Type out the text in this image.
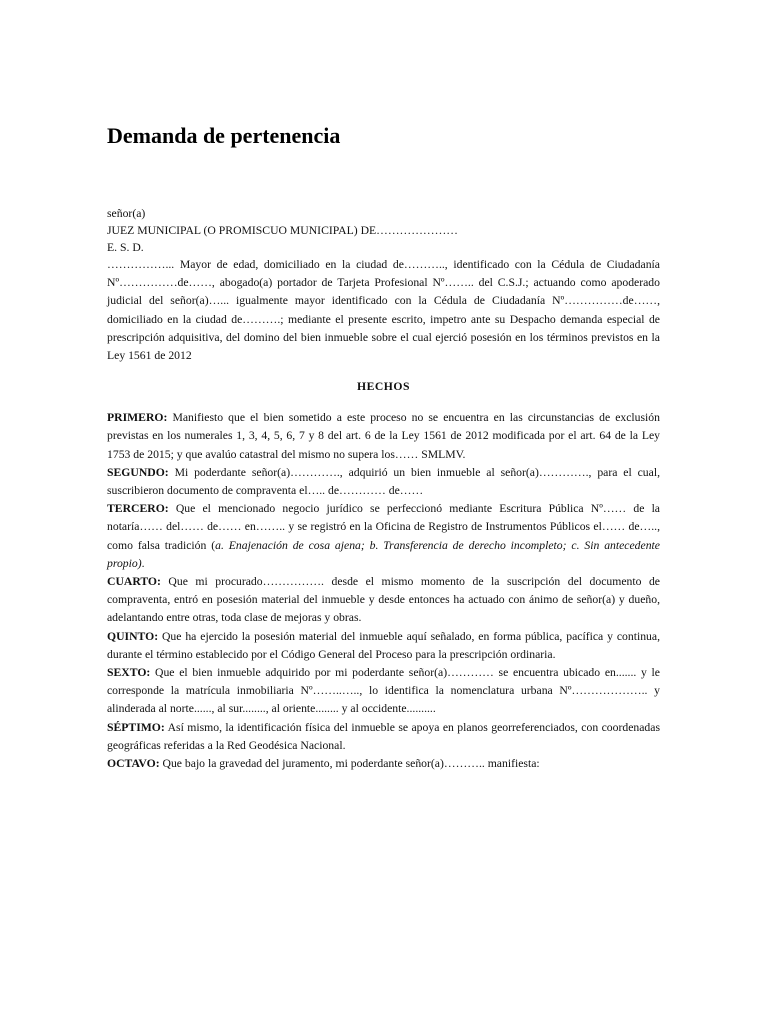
Demanda de pertenencia
señor(a)
JUEZ MUNICIPAL (O PROMISCUO MUNICIPAL) DE…………………
E. S. D.

……………... Mayor de edad, domiciliado en la ciudad de……….., identificado con la Cédula de Ciudadanía Nº……………de……, abogado(a) portador de Tarjeta Profesional Nº…….. del C.S.J.; actuando como apoderado judicial del señor(a)…... igualmente mayor identificado con la Cédula de Ciudadanía Nº……………de……, domiciliado en la ciudad de……….; mediante el presente escrito, impetro ante su Despacho demanda especial de prescripción adquisitiva, del domino del bien inmueble sobre el cual ejerció posesión en los términos previstos en la Ley 1561 de 2012

HECHOS

PRIMERO: Manifiesto que el bien sometido a este proceso no se encuentra en las circunstancias de exclusión previstas en los numerales 1, 3, 4, 5, 6, 7 y 8 del art. 6 de la Ley 1561 de 2012 modificada por el art. 64 de la Ley 1753 de 2015; y que avalúo catastral del mismo no supera los…… SMLMV.

SEGUNDO: Mi poderdante señor(a)…………., adquirió un bien inmueble al señor(a)…………., para el cual, suscribieron documento de compraventa el….. de………… de……

TERCERO: Que el mencionado negocio jurídico se perfeccionó mediante Escritura Pública Nº…… de la notaría…… del…… de…… en…….. y se registró en la Oficina de Registro de Instrumentos Públicos el…… de….., como falsa tradición (a. Enajenación de cosa ajena; b. Transferencia de derecho incompleto; c. Sin antecedente propio).

CUARTO: Que mi procurado……………. desde el mismo momento de la suscripción del documento de compraventa, entró en posesión material del inmueble y desde entonces ha actuado con ánimo de señor(a) y dueño, adelantando entre otras, toda clase de mejoras y obras.

QUINTO: Que ha ejercido la posesión material del inmueble aquí señalado, en forma pública, pacífica y continua, durante el término establecido por el Código General del Proceso para la prescripción ordinaria.

SEXTO: Que el bien inmueble adquirido por mi poderdante señor(a)………… se encuentra ubicado en....... y le corresponde la matrícula inmobiliaria Nº……..….., lo identifica la nomenclatura urbana Nº……………….. y alinderada al norte......, al sur........, al oriente........ y al occidente..........

SÉPTIMO: Así mismo, la identificación física del inmueble se apoya en planos georreferenciados, con coordenadas geográficas referidas a la Red Geodésica Nacional.

OCTAVO: Que bajo la gravedad del juramento, mi poderdante señor(a)……….. manifiesta:
